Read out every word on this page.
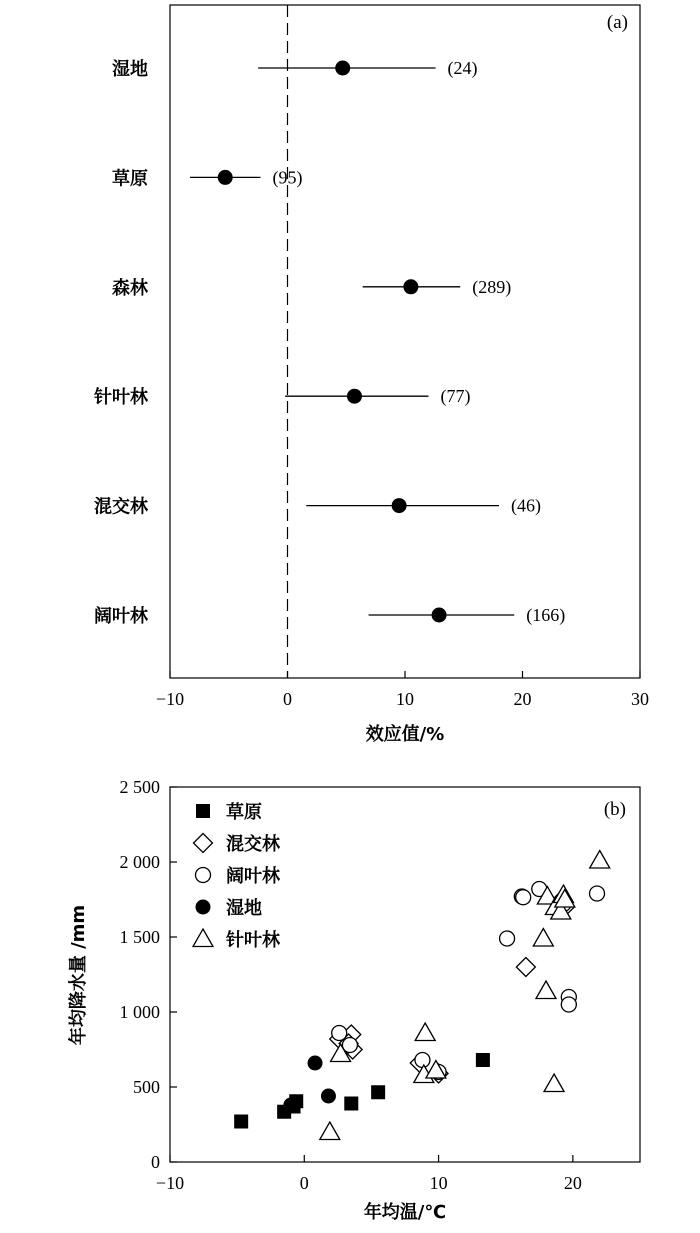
−10	0	10	20	30
湿地	(24)
草原	(95)
森林	(289)
针叶林	(77)
混交林	(46)
阔叶林	(166)
(a)
效应值/%
−10	0	10	20
0
500
1 000
1 500
2 000
2 500
草原
混交林
阔叶林
湿地
针叶林
(b)
年均温/℃
年均降水量 /mm
